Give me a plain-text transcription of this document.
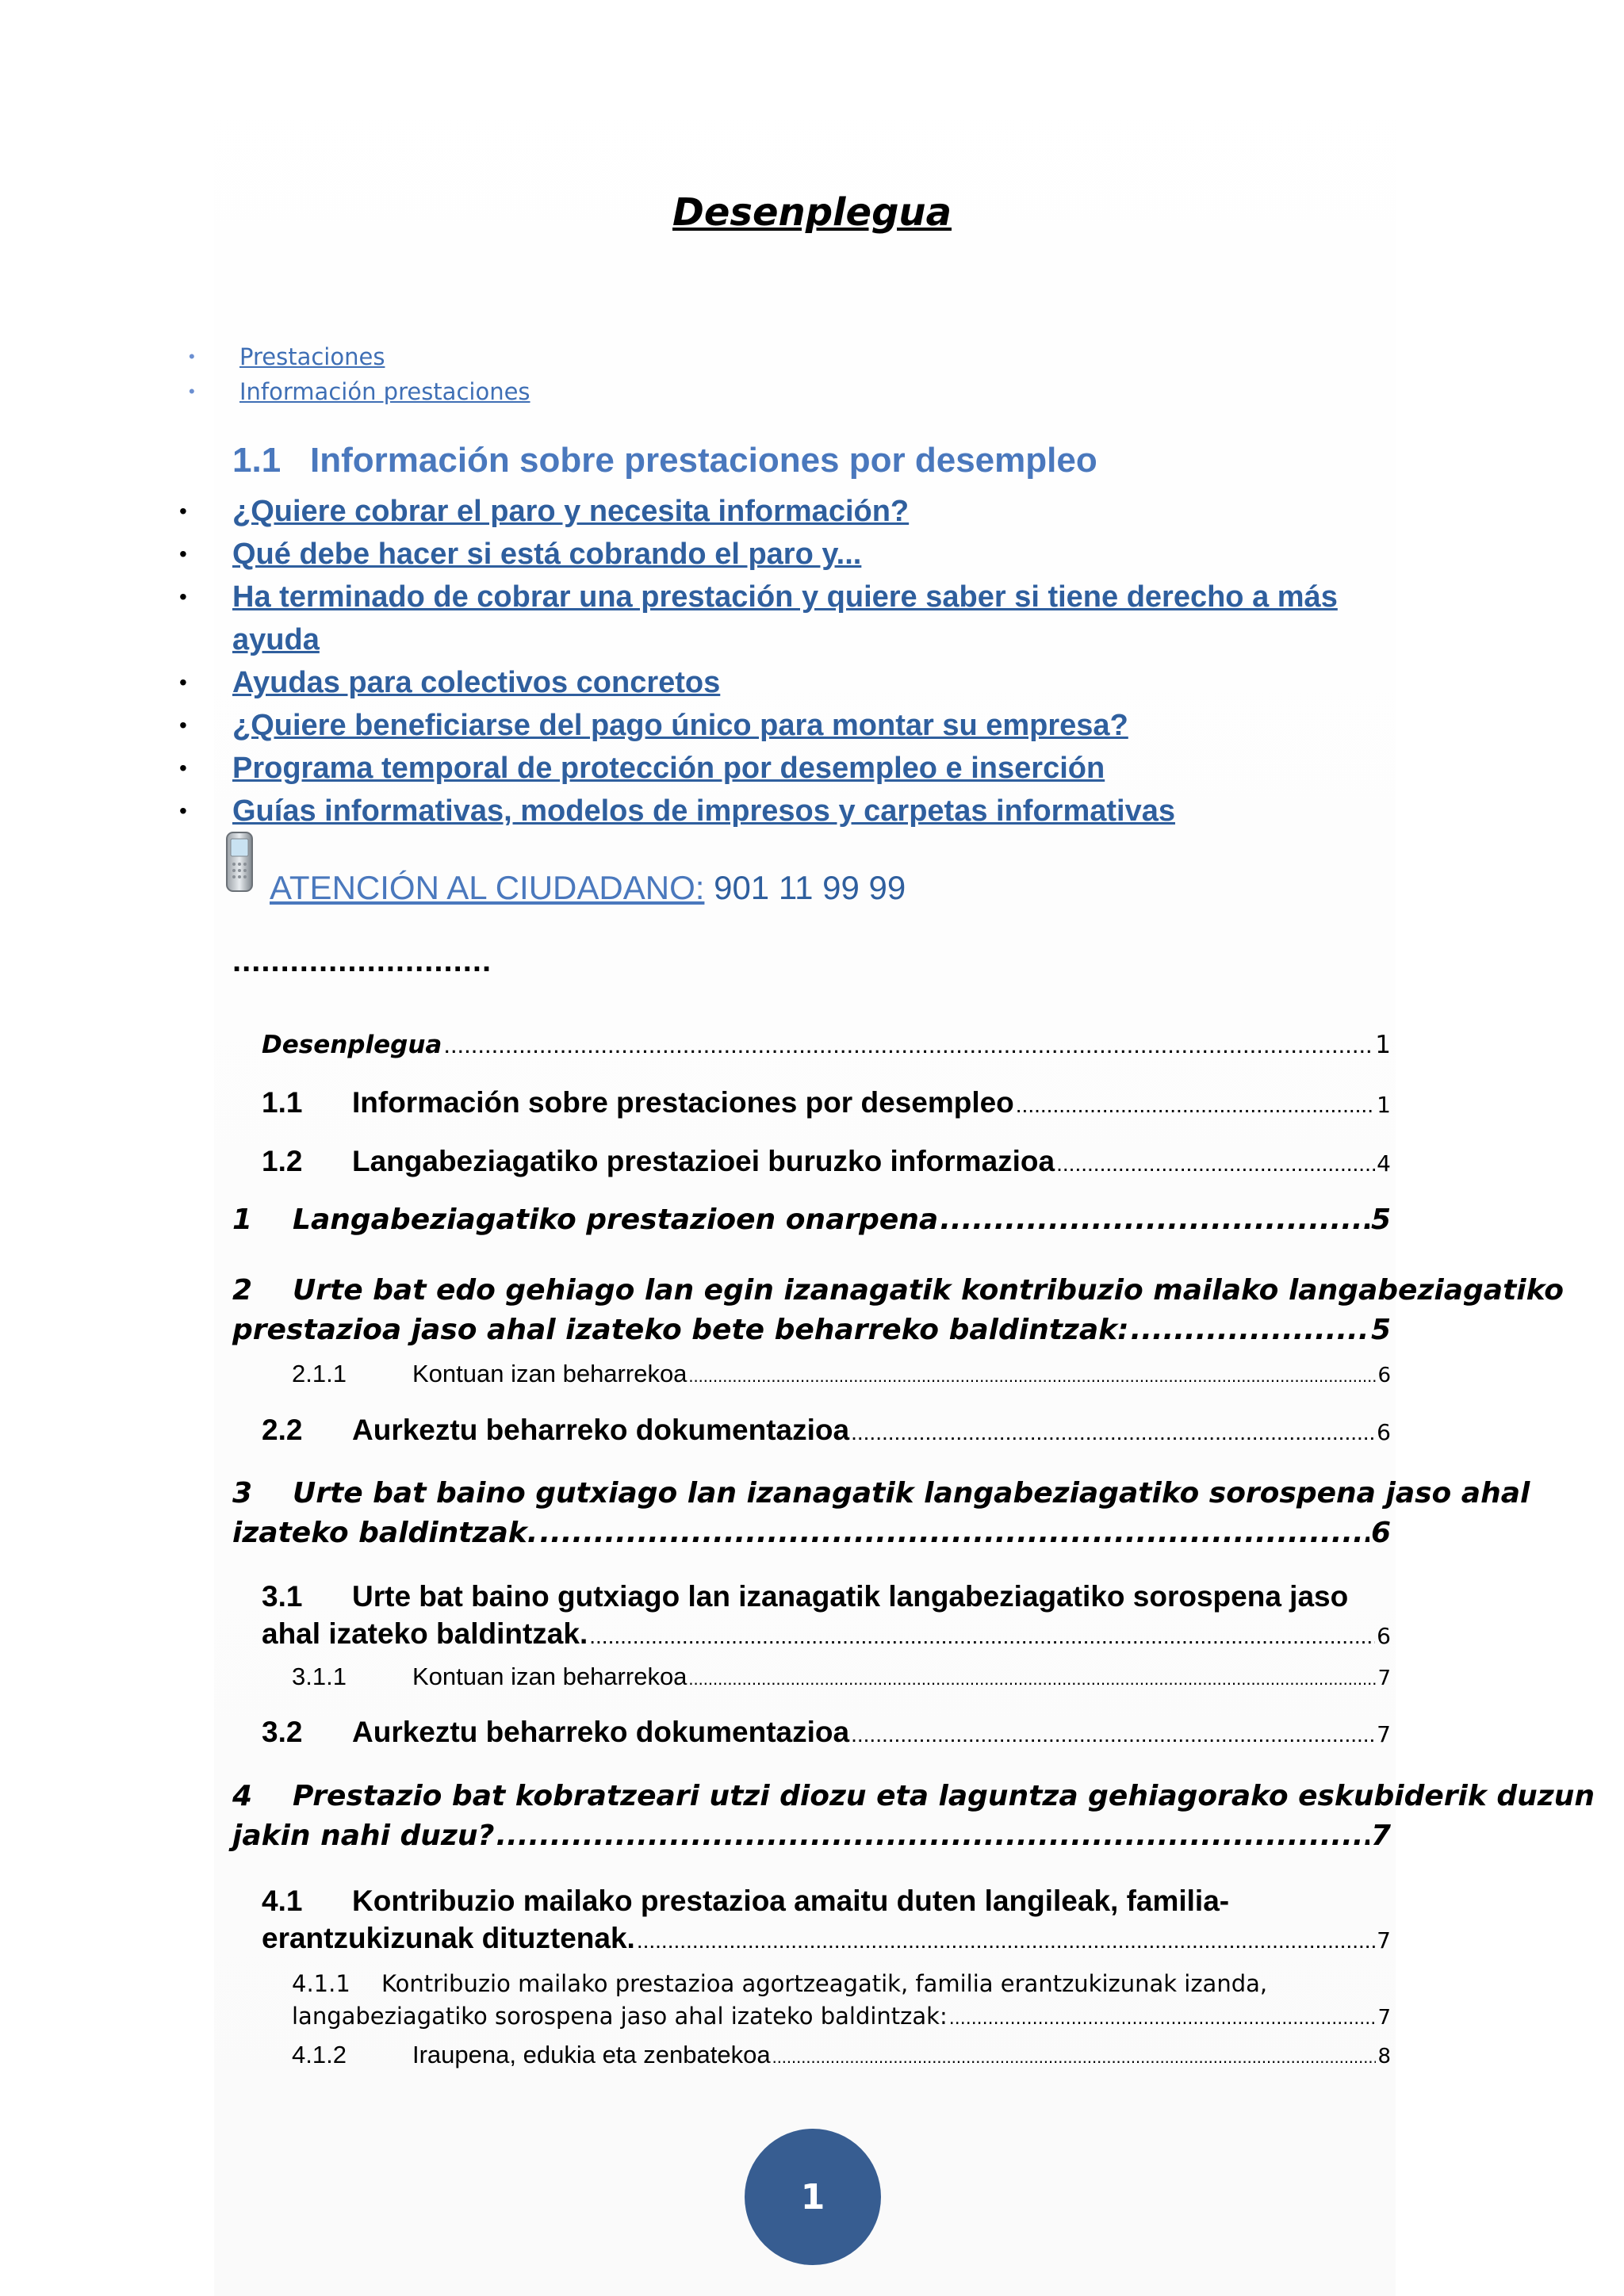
Desenplegua
•	Prestaciones
•	Información prestaciones
1.1 Información sobre prestaciones por desempleo
•	¿Quiere cobrar el paro y necesita información?
•	Qué debe hacer si está cobrando el paro y...
•	Ha terminado de cobrar una prestación y quiere saber si tiene derecho a más
ayuda
•	Ayudas para colectivos concretos
•	¿Quiere beneficiarse del pago único para montar su empresa?
•	Programa temporal de protección por desempleo e inserción
•	Guías informativas, modelos de impresos y carpetas informativas
ATENCIÓN AL CIUDADANO: 901 11 99 99
...........................
Desenplegua .....	1
1.1	Información sobre prestaciones por desempleo .....	1
1.2	Langabeziagatiko prestazioei buruzko informazioa .....	4
1	Langabeziagatiko prestazioen onarpena .....	5
2 Urte bat edo gehiago lan egin izanagatik kontribuzio mailako langabeziagatiko
prestazioa jaso ahal izateko bete beharreko baldintzak: .....	5
2.1.1	Kontuan izan beharrekoa .....	6
2.2	Aurkeztu beharreko dokumentazioa .....	6
3 Urte bat baino gutxiago lan izanagatik langabeziagatiko sorospena jaso ahal
izateko baldintzak. .....	6
3.1 Urte bat baino gutxiago lan izanagatik langabeziagatiko sorospena jaso
ahal izateko baldintzak. .....	6
3.1.1	Kontuan izan beharrekoa .....	7
3.2	Aurkeztu beharreko dokumentazioa .....	7
4 Prestazio bat kobratzeari utzi diozu eta laguntza gehiagorako eskubiderik duzun
jakin nahi duzu? .....	7
4.1 Kontribuzio mailako prestazioa amaitu duten langileak, familia-
erantzukizunak dituztenak. .....	7
4.1.1 Kontribuzio mailako prestazioa agortzeagatik, familia erantzukizunak izanda,
langabeziagatiko sorospena jaso ahal izateko baldintzak: .....	7
4.1.2	Iraupena, edukia eta zenbatekoa .....	8
1
